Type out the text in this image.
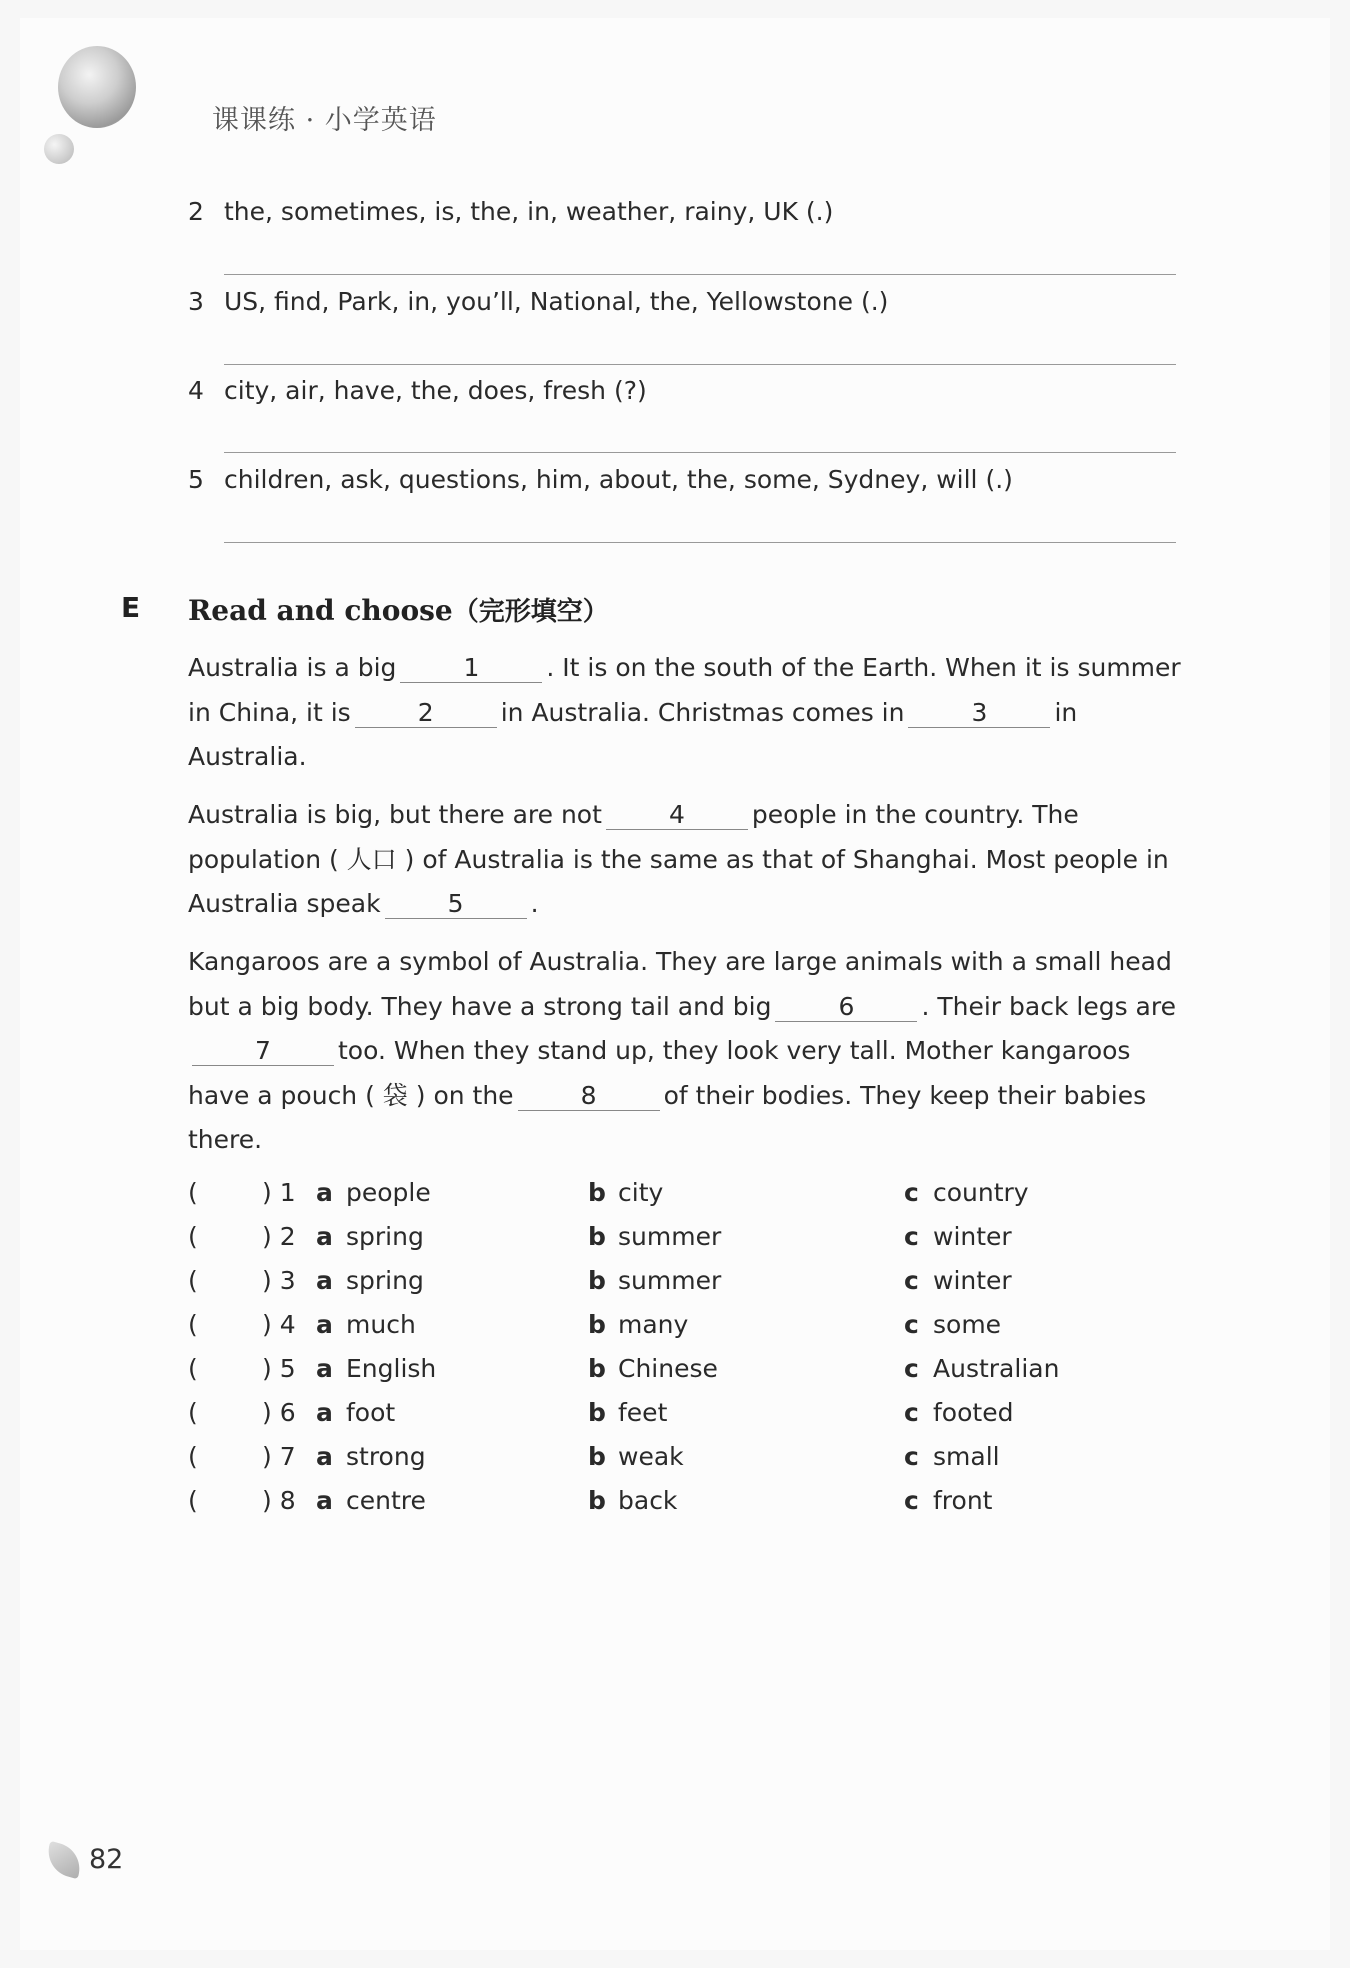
课课练 · 小学英语
2 the, sometimes, is, the, in, weather, rainy, UK (.)
3 US, find, Park, in, you’ll, National, the, Yellowstone (.)
4 city, air, have, the, does, fresh (?)
5 children, ask, questions, him, about, the, some, Sydney, will (.)
E Read and choose（完形填空）
Australia is a big	1	. It is on the south of the Earth. When it is summer in China, it is	2	in Australia. Christmas comes in	3	in Australia.
Australia is big, but there are not	4	people in the country. The population ( 人口 ) of Australia is the same as that of Shanghai. Most people in Australia speak	5	.
Kangaroos are a symbol of Australia. They are large animals with a small head but a big body. They have a strong tail and big	6	. Their back legs are7	too. When they stand up, they look very tall. Mother kangaroos have a pouch ( 袋 ) on the	8	of their bodies. They keep their babies there.
(	) 1 a people	b city	c country
(	) 2 a spring	b summer	c winter
(	) 3 a spring	b summer	c winter
(	) 4 a much	b many	c some
(	) 5 a English	b Chinese	c Australian
(	) 6 a foot	b feet	c footed
(	) 7 a strong	b weak	c small
(	) 8 a centre	b back	c front
82
